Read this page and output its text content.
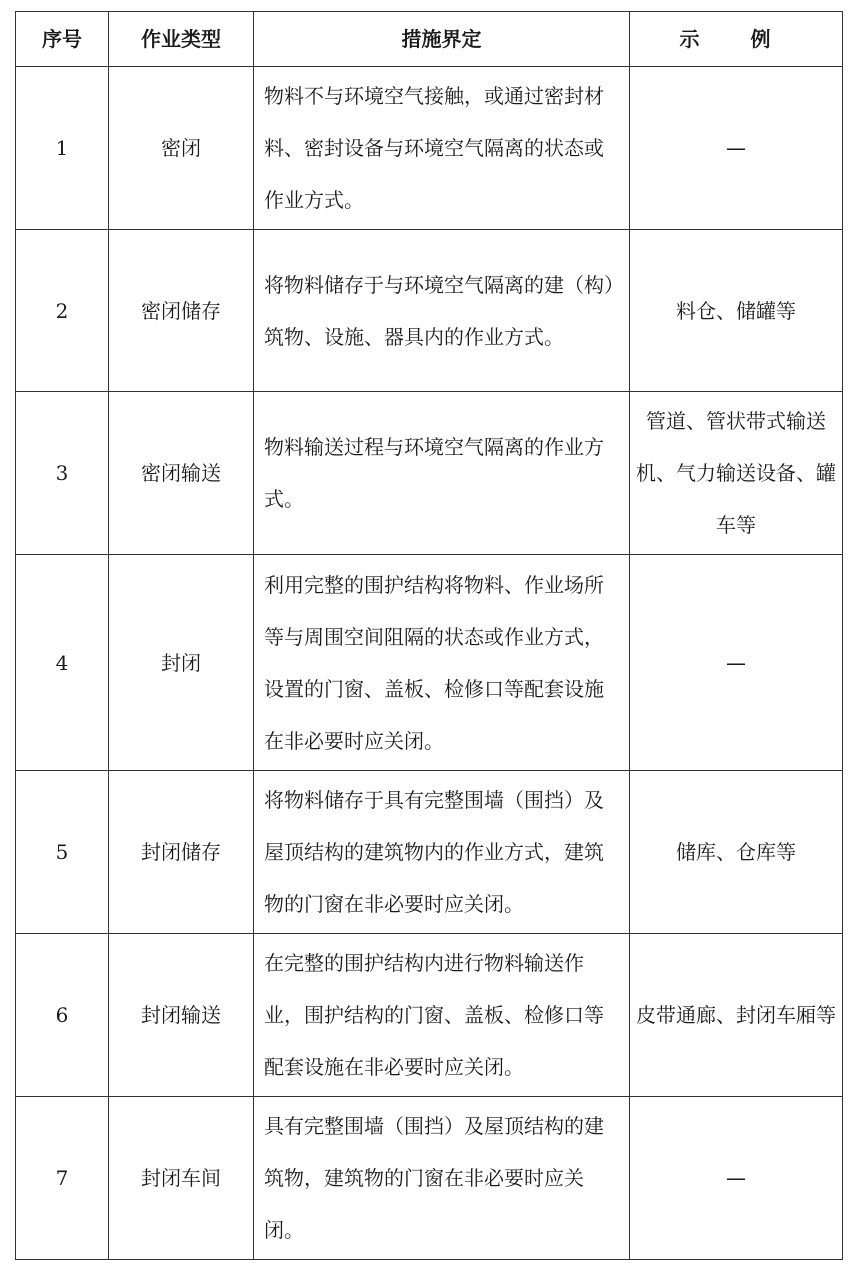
序号	作业类型	措施界定	示 例
1	密闭	物料不与环境空气接触，或通过密封材料、密封设备与环境空气隔离的状态或作业方式。	—
2	密闭储存	将物料储存于与环境空气隔离的建（构）筑物、设施、器具内的作业方式。	料仓、储罐等
3	密闭输送	物料输送过程与环境空气隔离的作业方式。	管道、管状带式输送机、气力输送设备、罐车等
4	封闭	利用完整的围护结构将物料、作业场所等与周围空间阻隔的状态或作业方式，设置的门窗、盖板、检修口等配套设施在非必要时应关闭。	—
5	封闭储存	将物料储存于具有完整围墙（围挡）及屋顶结构的建筑物内的作业方式，建筑物的门窗在非必要时应关闭。	储库、仓库等
6	封闭输送	在完整的围护结构内进行物料输送作业，围护结构的门窗、盖板、检修口等配套设施在非必要时应关闭。	皮带通廊、封闭车厢等
7	封闭车间	具有完整围墙（围挡）及屋顶结构的建筑物，建筑物的门窗在非必要时应关闭。	—
